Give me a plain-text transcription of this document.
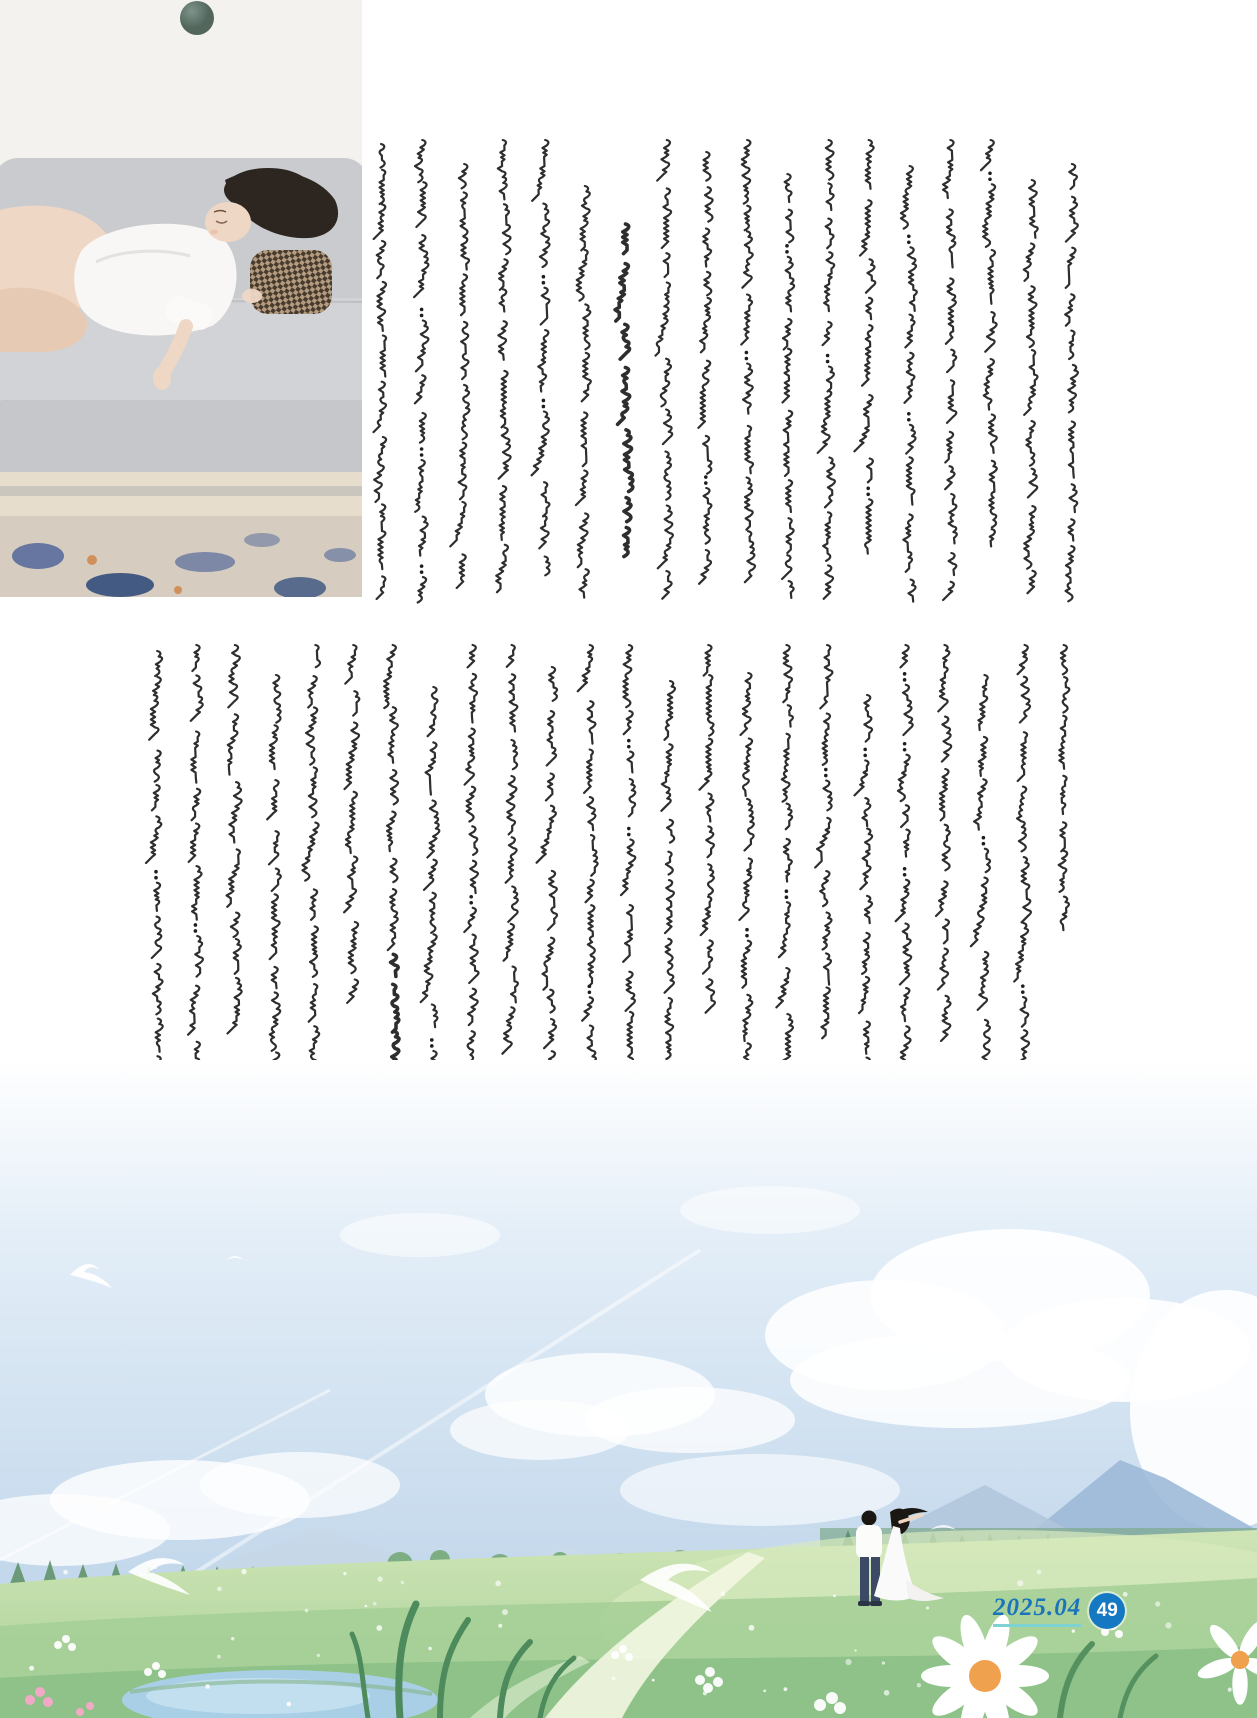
2025.04 49
